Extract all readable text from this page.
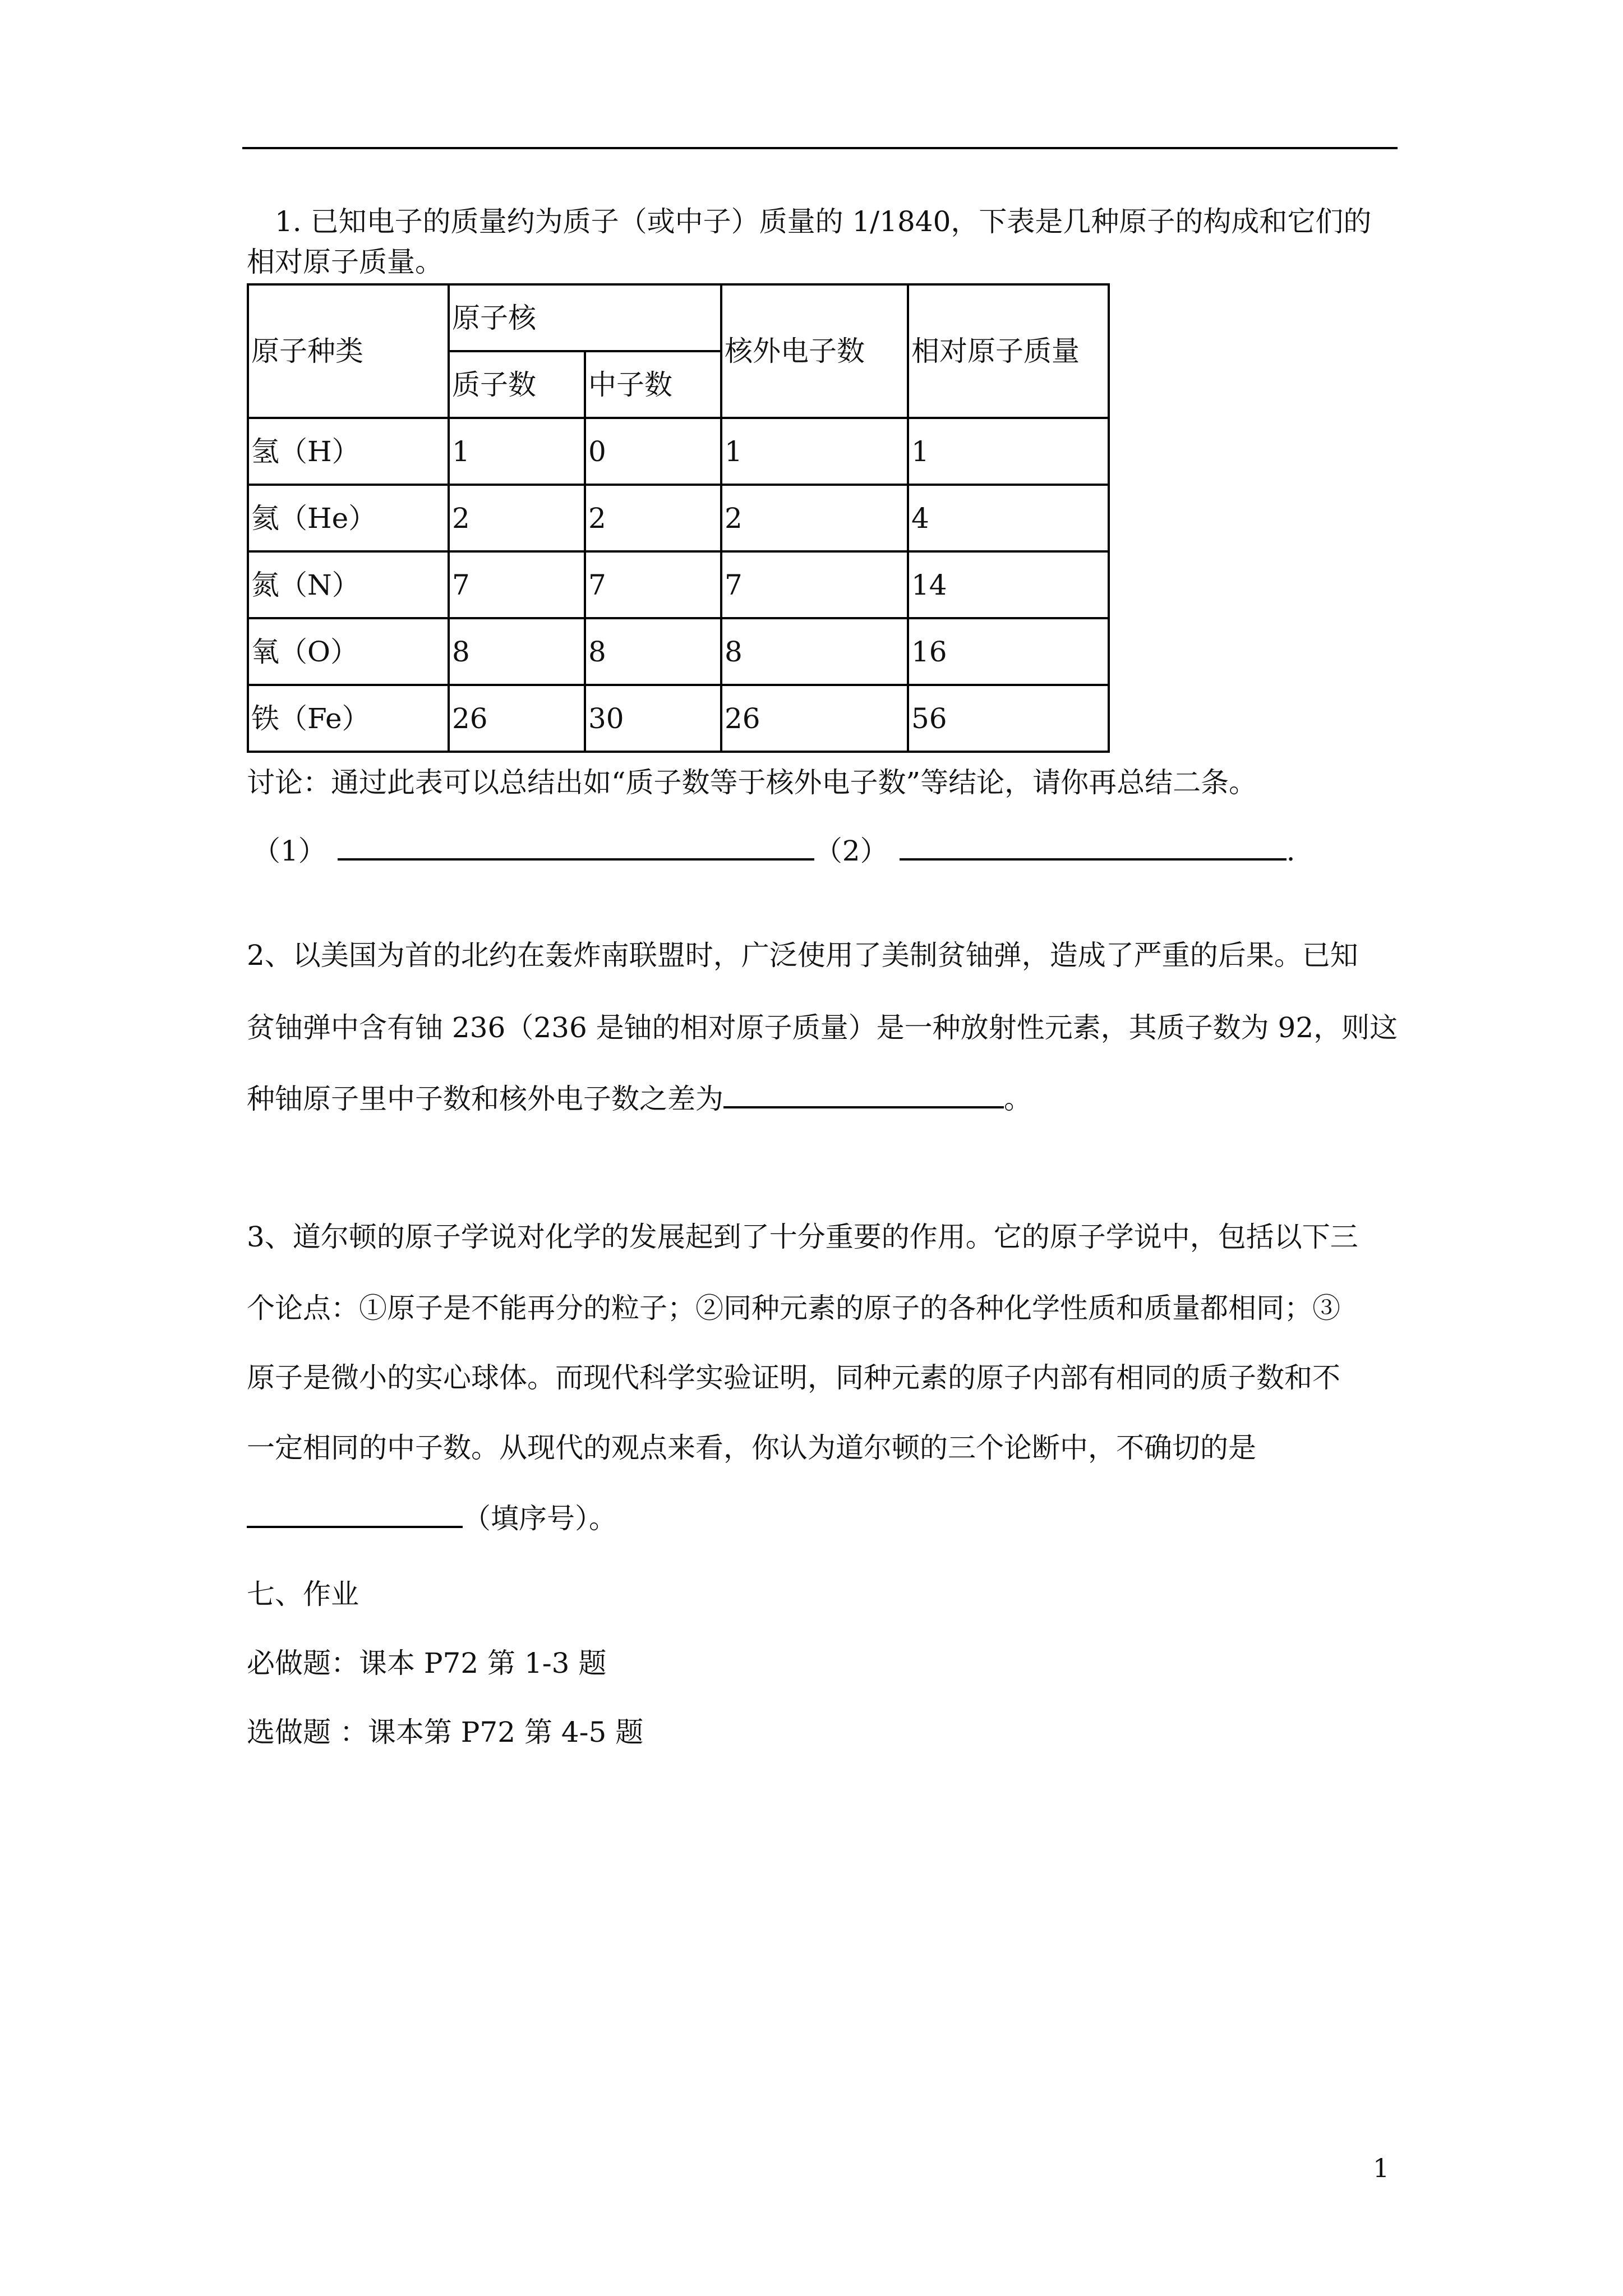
1. 已知电子的质量约为质子（或中子）质量的 1/1840，下表是几种原子的构成和它们的
相对原子质量。
原子种类	原子核		核外电子数	相对原子质量
	质子数	中子数		
氢（H）	1	0	1	1
氦（He）	2	2	2	4
氮（N）	7	7	7	14
氧（O）	8	8	8	16
铁（Fe）	26	30	26	56
讨论：通过此表可以总结出如“质子数等于核外电子数”等结论，请你再总结二条。
（1）	（2）	.
2、以美国为首的北约在轰炸南联盟时，广泛使用了美制贫铀弹，造成了严重的后果。已知
贫铀弹中含有铀 236（236 是铀的相对原子质量）是一种放射性元素，其质子数为 92，则这
种铀原子里中子数和核外电子数之差为	。
3、道尔顿的原子学说对化学的发展起到了十分重要的作用。它的原子学说中，包括以下三
个论点：①原子是不能再分的粒子；②同种元素的原子的各种化学性质和质量都相同；③
原子是微小的实心球体。而现代科学实验证明，同种元素的原子内部有相同的质子数和不
一定相同的中子数。从现代的观点来看，你认为道尔顿的三个论断中，不确切的是
（填序号）。
七、作业
必做题：课本 P72 第 1-3 题
选做题 ：课本第 P72 第 4-5 题
1
